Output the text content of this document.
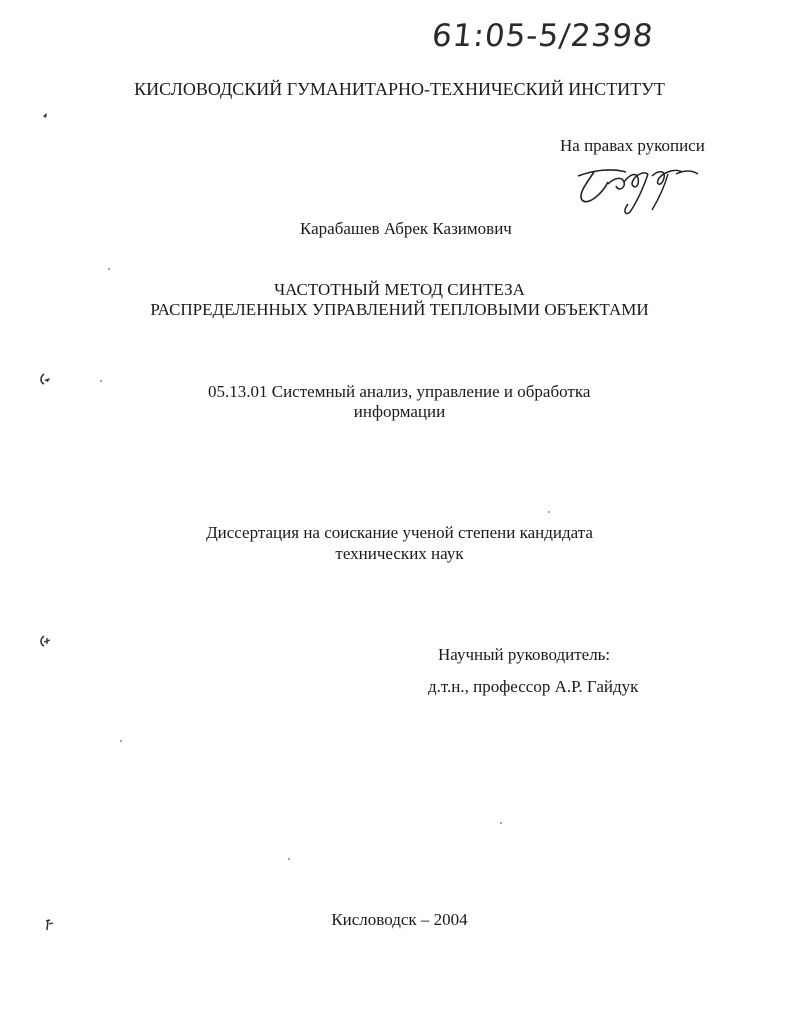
61:05-5/2398
КИСЛОВОДСКИЙ ГУМАНИТАРНО-ТЕХНИЧЕСКИЙ ИНСТИТУТ
На правах рукописи
Карабашев Абрек Казимович
ЧАСТОТНЫЙ МЕТОД СИНТЕЗА
РАСПРЕДЕЛЕННЫХ УПРАВЛЕНИЙ ТЕПЛОВЫМИ ОБЪЕКТАМИ
05.13.01 Системный анализ, управление и обработка
информации
Диссертация на соискание ученой степени кандидата
технических наук
Научный руководитель:
д.т.н., профессор А.Р. Гайдук
Кисловодск – 2004
